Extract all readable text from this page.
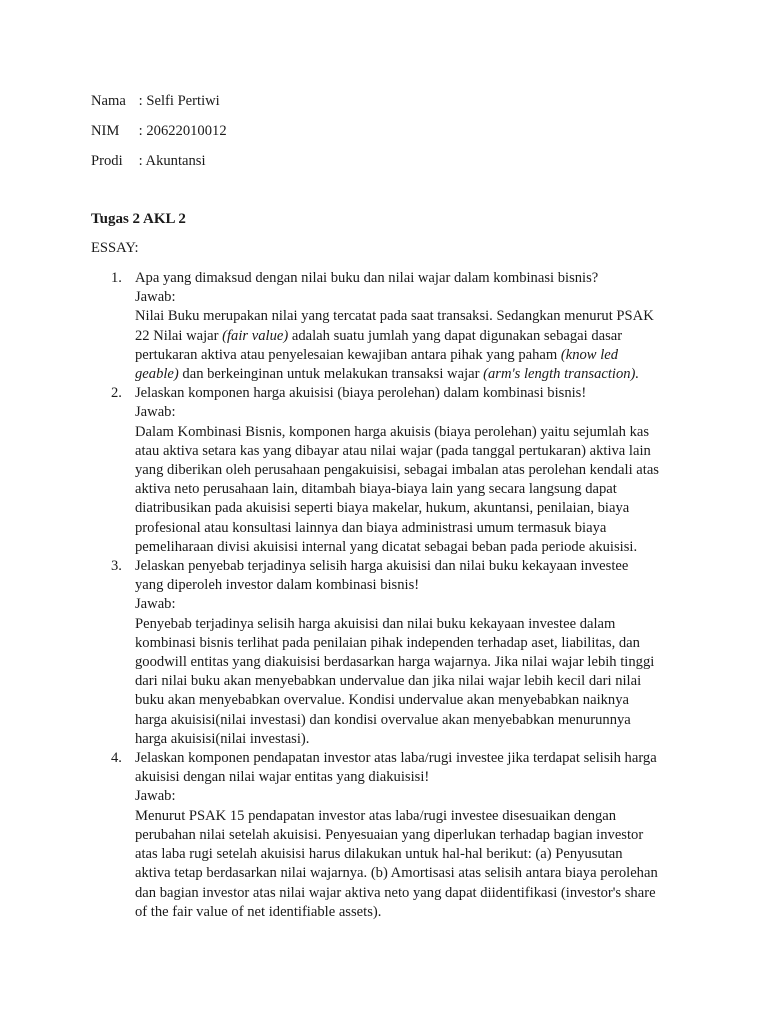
Nama : Selfi Pertiwi
NIM : 20622010012
Prodi : Akuntansi
Tugas 2 AKL 2
ESSAY:
1. Apa yang dimaksud dengan nilai buku dan nilai wajar dalam kombinasi bisnis?
Jawab:
Nilai Buku merupakan nilai yang tercatat pada saat transaksi. Sedangkan menurut PSAK
22 Nilai wajar (fair value) adalah suatu jumlah yang dapat digunakan sebagai dasar
pertukaran aktiva atau penyelesaian kewajiban antara pihak yang paham (know led
geable) dan berkeinginan untuk melakukan transaksi wajar (arm's length transaction).
2. Jelaskan komponen harga akuisisi (biaya perolehan) dalam kombinasi bisnis!
Jawab:
Dalam Kombinasi Bisnis, komponen harga akuisis (biaya perolehan) yaitu sejumlah kas
atau aktiva setara kas yang dibayar atau nilai wajar (pada tanggal pertukaran) aktiva lain
yang diberikan oleh perusahaan pengakuisisi, sebagai imbalan atas perolehan kendali atas
aktiva neto perusahaan lain, ditambah biaya-biaya lain yang secara langsung dapat
diatribusikan pada akuisisi seperti biaya makelar, hukum, akuntansi, penilaian, biaya
profesional atau konsultasi lainnya dan biaya administrasi umum termasuk biaya
pemeliharaan divisi akuisisi internal yang dicatat sebagai beban pada periode akuisisi.
3. Jelaskan penyebab terjadinya selisih harga akuisisi dan nilai buku kekayaan investee
yang diperoleh investor dalam kombinasi bisnis!
Jawab:
Penyebab terjadinya selisih harga akuisisi dan nilai buku kekayaan investee dalam
kombinasi bisnis terlihat pada penilaian pihak independen terhadap aset, liabilitas, dan
goodwill entitas yang diakuisisi berdasarkan harga wajarnya. Jika nilai wajar lebih tinggi
dari nilai buku akan menyebabkan undervalue dan jika nilai wajar lebih kecil dari nilai
buku akan menyebabkan overvalue. Kondisi undervalue akan menyebabkan naiknya
harga akuisisi(nilai investasi) dan kondisi overvalue akan menyebabkan menurunnya
harga akuisisi(nilai investasi).
4. Jelaskan komponen pendapatan investor atas laba/rugi investee jika terdapat selisih harga
akuisisi dengan nilai wajar entitas yang diakuisisi!
Jawab:
Menurut PSAK 15 pendapatan investor atas laba/rugi investee disesuaikan dengan
perubahan nilai setelah akuisisi. Penyesuaian yang diperlukan terhadap bagian investor
atas laba rugi setelah akuisisi harus dilakukan untuk hal-hal berikut: (a) Penyusutan
aktiva tetap berdasarkan nilai wajarnya. (b) Amortisasi atas selisih antara biaya perolehan
dan bagian investor atas nilai wajar aktiva neto yang dapat diidentifikasi (investor's share
of the fair value of net identifiable assets).
